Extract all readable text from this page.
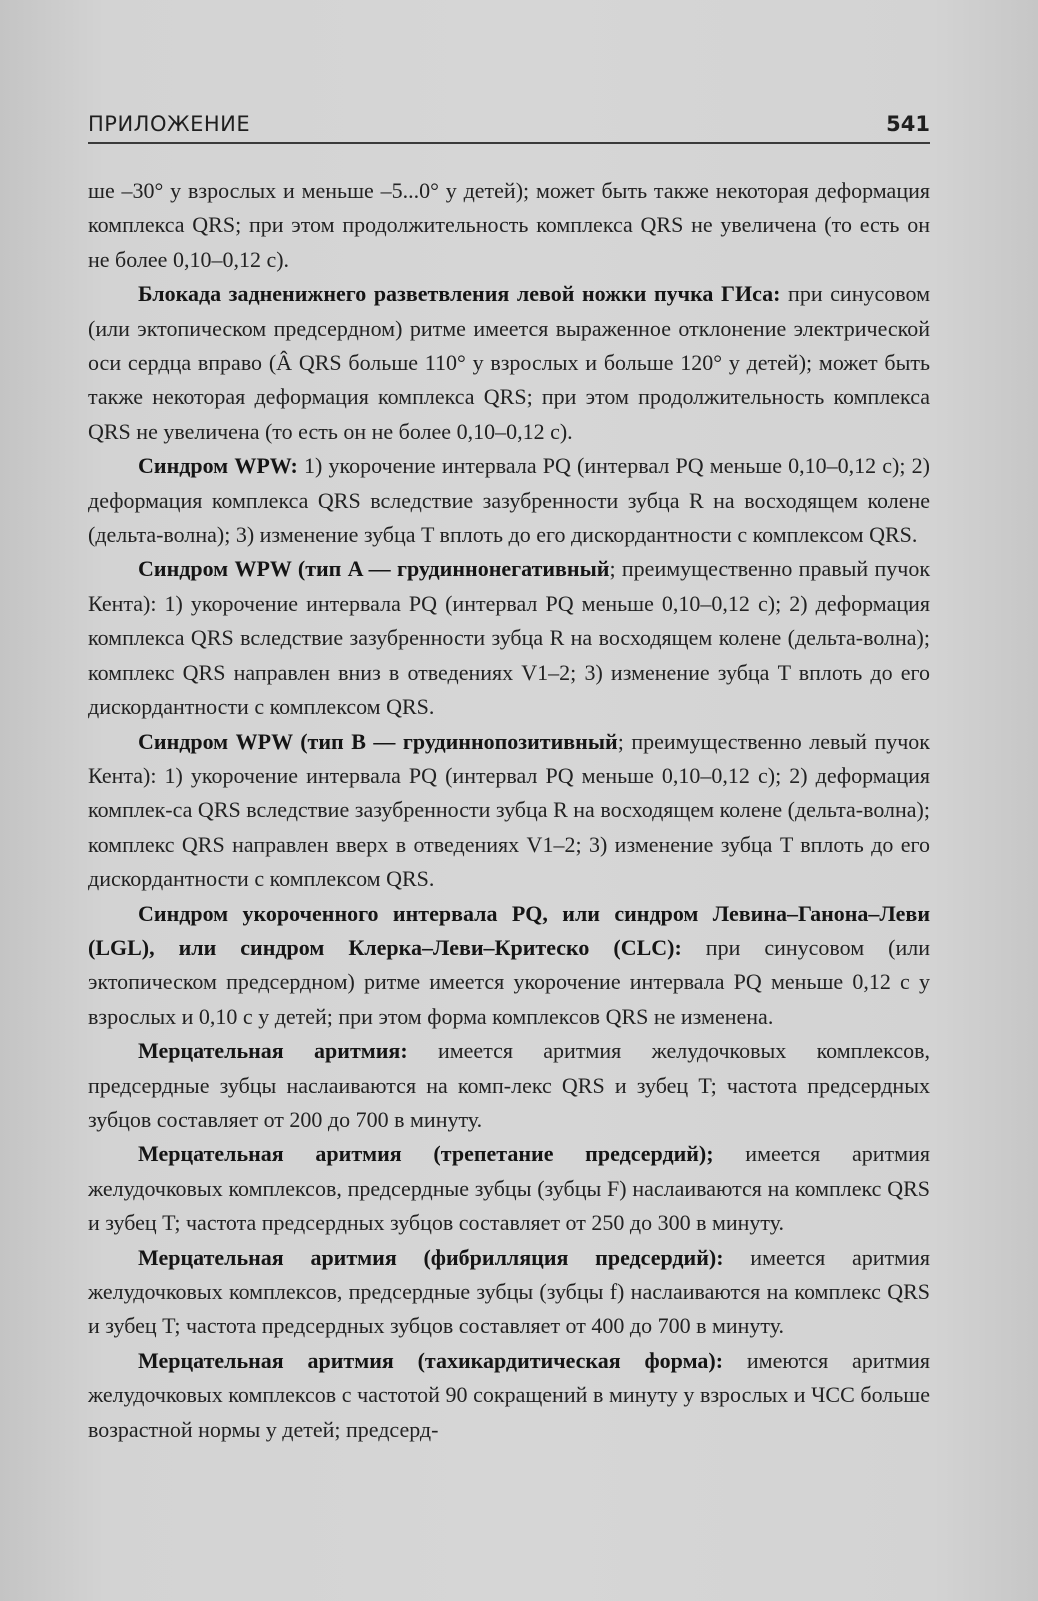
ПРИЛОЖЕНИЕ	541

ше –30° у взрослых и меньше –5...0° у детей); может быть также некоторая деформация комплекса QRS; при этом продолжительность комплекса QRS не увеличена (то есть он не более 0,10–0,12 с).

Блокада задненижнего разветвления левой ножки пучка ГИса: при синусовом (или эктопическом предсердном) ритме имеется выраженное отклонение электрической оси сердца вправо (Â QRS больше 110° у взрослых и больше 120° у детей); может быть также некоторая деформация комплекса QRS; при этом продолжительность комплекса QRS не увеличена (то есть он не более 0,10–0,12 с).

Синдром WPW: 1) укорочение интервала PQ (интервал PQ меньше 0,10–0,12 с); 2) деформация комплекса QRS вследствие зазубренности зубца R на восходящем колене (дельта-волна); 3) изменение зубца T вплоть до его дискордантности с комплексом QRS.

Синдром WPW (тип A — грудиннонегативный; преимущественно правый пучок Кента): 1) укорочение интервала PQ (интервал PQ меньше 0,10–0,12 с); 2) деформация комплекса QRS вследствие зазубренности зубца R на восходящем колене (дельта-волна); комплекс QRS направлен вниз в отведениях V1–2; 3) изменение зубца T вплоть до его дискордантности с комплексом QRS.

Синдром WPW (тип B — грудиннопозитивный; преимущественно левый пучок Кента): 1) укорочение интервала PQ (интервал PQ меньше 0,10–0,12 с); 2) деформация комплек-са QRS вследствие зазубренности зубца R на восходящем колене (дельта-волна); комплекс QRS направлен вверх в отведениях V1–2; 3) изменение зубца T вплоть до его дискордантности с комплексом QRS.

Синдром укороченного интервала PQ, или синдром Левина–Ганона–Леви (LGL), или синдром Клерка–Леви–Критеско (CLC): при синусовом (или эктопическом предсердном) ритме имеется укорочение интервала PQ меньше 0,12 с у взрослых и 0,10 с у детей; при этом форма комплексов QRS не изменена.

Мерцательная аритмия: имеется аритмия желудочковых комплексов, предсердные зубцы наслаиваются на комп-лекс QRS и зубец T; частота предсердных зубцов составляет от 200 до 700 в минуту.

Мерцательная аритмия (трепетание предсердий); имеется аритмия желудочковых комплексов, предсердные зубцы (зубцы F) наслаиваются на комплекс QRS и зубец T; частота предсердных зубцов составляет от 250 до 300 в минуту.

Мерцательная аритмия (фибрилляция предсердий): имеется аритмия желудочковых комплексов, предсердные зубцы (зубцы f) наслаиваются на комплекс QRS и зубец T; частота предсердных зубцов составляет от 400 до 700 в минуту.

Мерцательная аритмия (тахикардитическая форма): имеются аритмия желудочковых комплексов с частотой 90 сокращений в минуту у взрослых и ЧСС больше возрастной нормы у детей; предсерд-
